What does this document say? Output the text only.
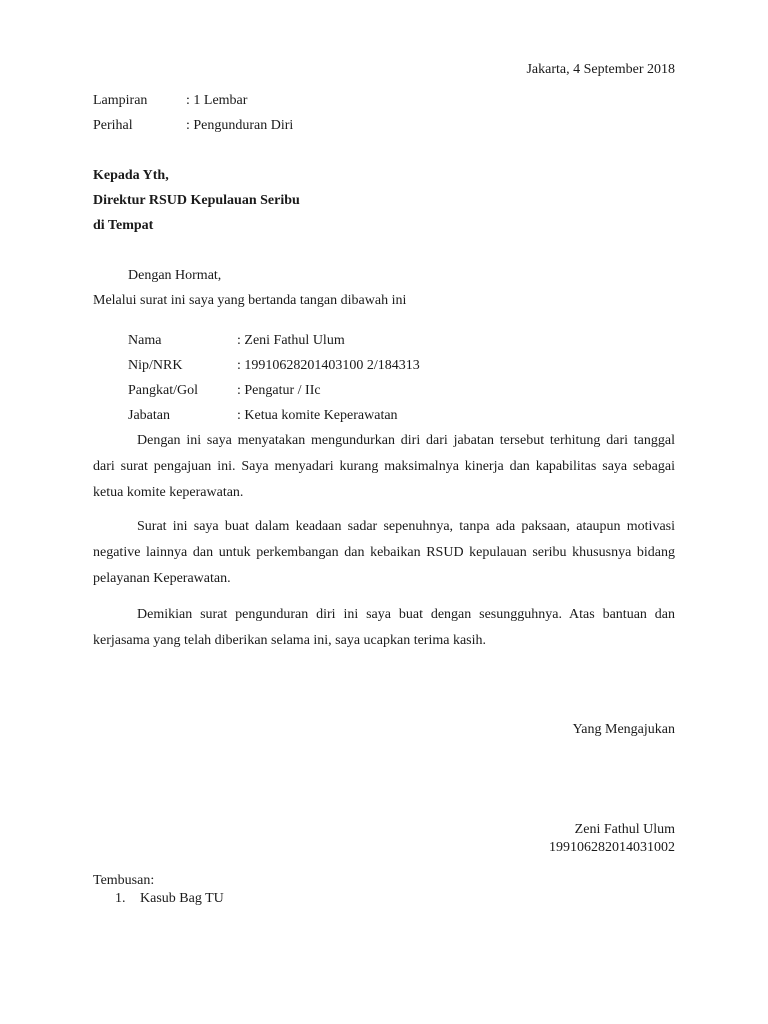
Jakarta, 4 September 2018
Lampiran	: 1 Lembar
Perihal	: Pengunduran Diri
Kepada Yth,
Direktur RSUD Kepulauan Seribu
di Tempat
Dengan Hormat,
Melalui surat ini saya yang bertanda tangan dibawah ini
Nama	: Zeni Fathul Ulum
Nip/NRK	: 19910628201403100 2/184313
Pangkat/Gol	: Pengatur / IIc
Jabatan	: Ketua komite Keperawatan
Dengan ini saya menyatakan mengundurkan diri dari jabatan tersebut terhitung dari tanggal dari surat pengajuan ini. Saya menyadari kurang maksimalnya kinerja dan kapabilitas saya sebagai ketua komite keperawatan.
Surat ini saya buat dalam keadaan sadar sepenuhnya, tanpa ada paksaan, ataupun motivasi negative lainnya dan untuk perkembangan dan kebaikan RSUD kepulauan seribu khususnya bidang pelayanan Keperawatan.
Demikian surat pengunduran diri ini saya buat dengan sesungguhnya. Atas bantuan dan kerjasama yang telah diberikan selama ini, saya ucapkan terima kasih.
Yang Mengajukan
Zeni Fathul Ulum
199106282014031002
Tembusan:
1. Kasub Bag TU
